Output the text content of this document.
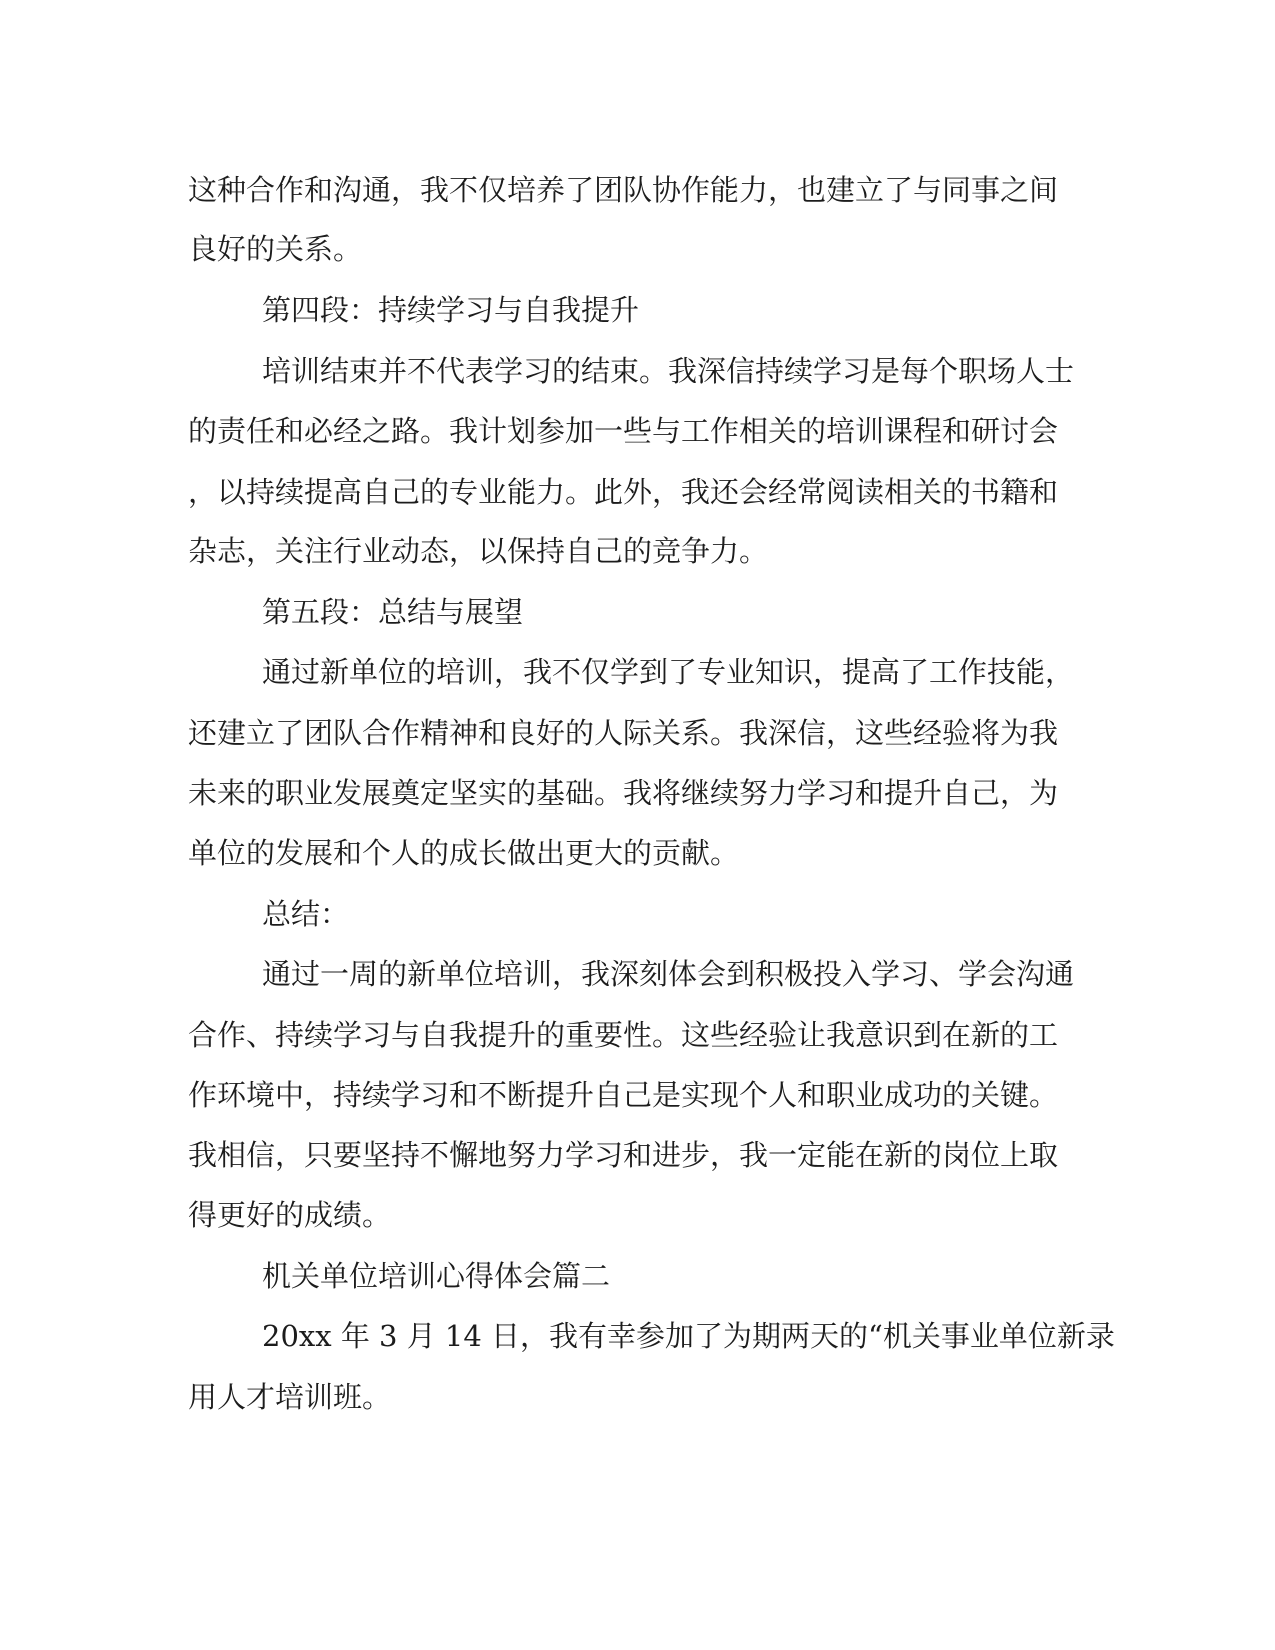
这种合作和沟通，我不仅培养了团队协作能力，也建立了与同事之间
良好的关系。
第四段：持续学习与自我提升
培训结束并不代表学习的结束。我深信持续学习是每个职场人士
的责任和必经之路。我计划参加一些与工作相关的培训课程和研讨会
，以持续提高自己的专业能力。此外，我还会经常阅读相关的书籍和
杂志，关注行业动态，以保持自己的竞争力。
第五段：总结与展望
通过新单位的培训，我不仅学到了专业知识，提高了工作技能，
还建立了团队合作精神和良好的人际关系。我深信，这些经验将为我
未来的职业发展奠定坚实的基础。我将继续努力学习和提升自己，为
单位的发展和个人的成长做出更大的贡献。
总结：
通过一周的新单位培训，我深刻体会到积极投入学习、学会沟通
合作、持续学习与自我提升的重要性。这些经验让我意识到在新的工
作环境中，持续学习和不断提升自己是实现个人和职业成功的关键。
我相信，只要坚持不懈地努力学习和进步，我一定能在新的岗位上取
得更好的成绩。
机关单位培训心得体会篇二
20xx 年 3 月 14 日，我有幸参加了为期两天的“机关事业单位新录
用人才培训班。
